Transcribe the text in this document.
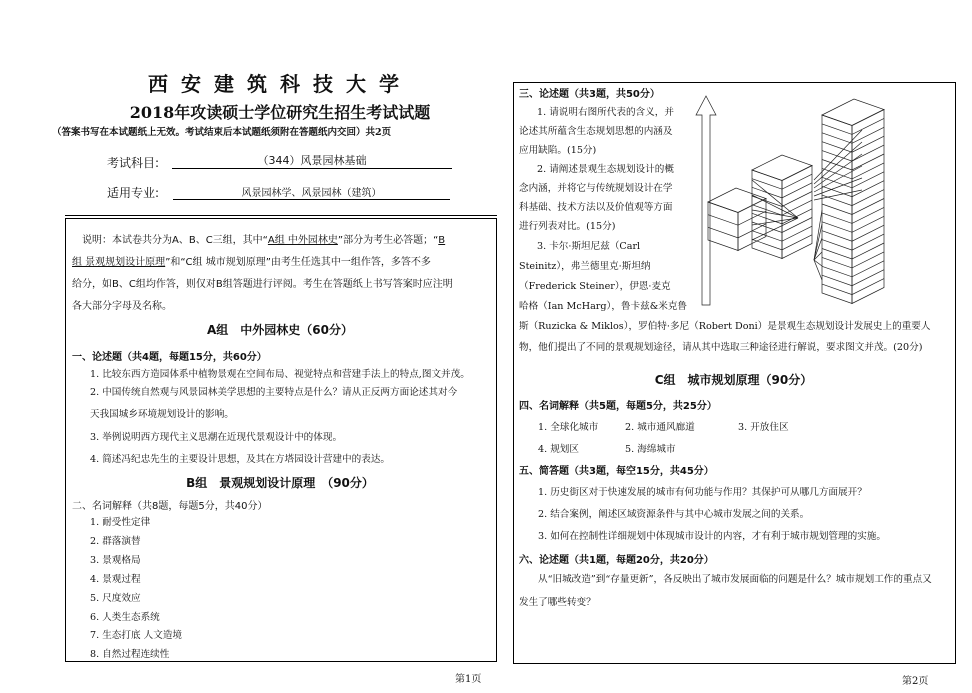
西安建筑科技大学
2018年攻读硕士学位研究生招生考试试题
（答案书写在本试题纸上无效。考试结束后本试题纸须附在答题纸内交回）共2页
考试科目:	（344）风景园林基础
适用专业:	风景园林学、风景园林（建筑）
说明：本试卷共分为A、B、C三组，其中“A组 中外园林史”部分为考生必答题；“B
组 景观规划设计原理”和“C组 城市规划原理”由考生任选其中一组作答，多答不多
给分，如B、C组均作答，则仅对B组答题进行评阅。考生在答题纸上书写答案时应注明
各大部分字母及名称。
A组　中外园林史（60分）
一、论述题（共4题，每题15分，共60分）
1. 比较东西方造园体系中植物景观在空间布局、视觉特点和营建手法上的特点,图文并茂。
2. 中国传统自然观与风景园林美学思想的主要特点是什么？请从正反两方面论述其对今
天我国城乡环境规划设计的影响。
3. 举例说明西方现代主义思潮在近现代景观设计中的体现。
4. 简述冯纪忠先生的主要设计思想，及其在方塔园设计营建中的表达。
B组　景观规划设计原理　（90分）
二、名词解释（共8题，每题5分，共40分）
1. 耐受性定律
2. 群落演替
3. 景观格局
4. 景观过程
5. 尺度效应
6. 人类生态系统
7. 生态打底 人文造境
8. 自然过程连续性
三、论述题（共3题，共50分）
1. 请说明右图所代表的含义，并
论述其所蕴含生态规划思想的内涵及
应用缺陷。(15分)
2. 请阐述景观生态规划设计的概
念内涵，并将它与传统规划设计在学
科基础、技术方法以及价值观等方面
进行列表对比。(15分)
3. 卡尔·斯坦尼兹（Carl
Steinitz），弗兰德里克·斯坦纳
（Frederick Steiner），伊恩·麦克
哈格（Ian McHarg），鲁卡兹&米克鲁
斯（Ruzicka & Miklos），罗伯特·多尼（Robert Doni）是景观生态规划设计发展史上的重要人
物，他们提出了不同的景观规划途径，请从其中选取三种途径进行解说，要求图文并茂。(20分)
C组　城市规划原理（90分）
四、名词解释（共5题，每题5分，共25分）
1. 全球化城市	2. 城市通风廊道	3. 开放住区
4. 规划区	5. 海绵城市
五、简答题（共3题，每空15分，共45分）
1. 历史街区对于快速发展的城市有何功能与作用？其保护可从哪几方面展开？
2. 结合案例，阐述区域资源条件与其中心城市发展之间的关系。
3. 如何在控制性详细规划中体现城市设计的内容，才有利于城市规划管理的实施。
六、论述题（共1题，每题20分，共20分）
从“旧城改造”到“存量更新”，各反映出了城市发展面临的问题是什么？城市规划工作的重点又
发生了哪些转变？
第1页	第2页
